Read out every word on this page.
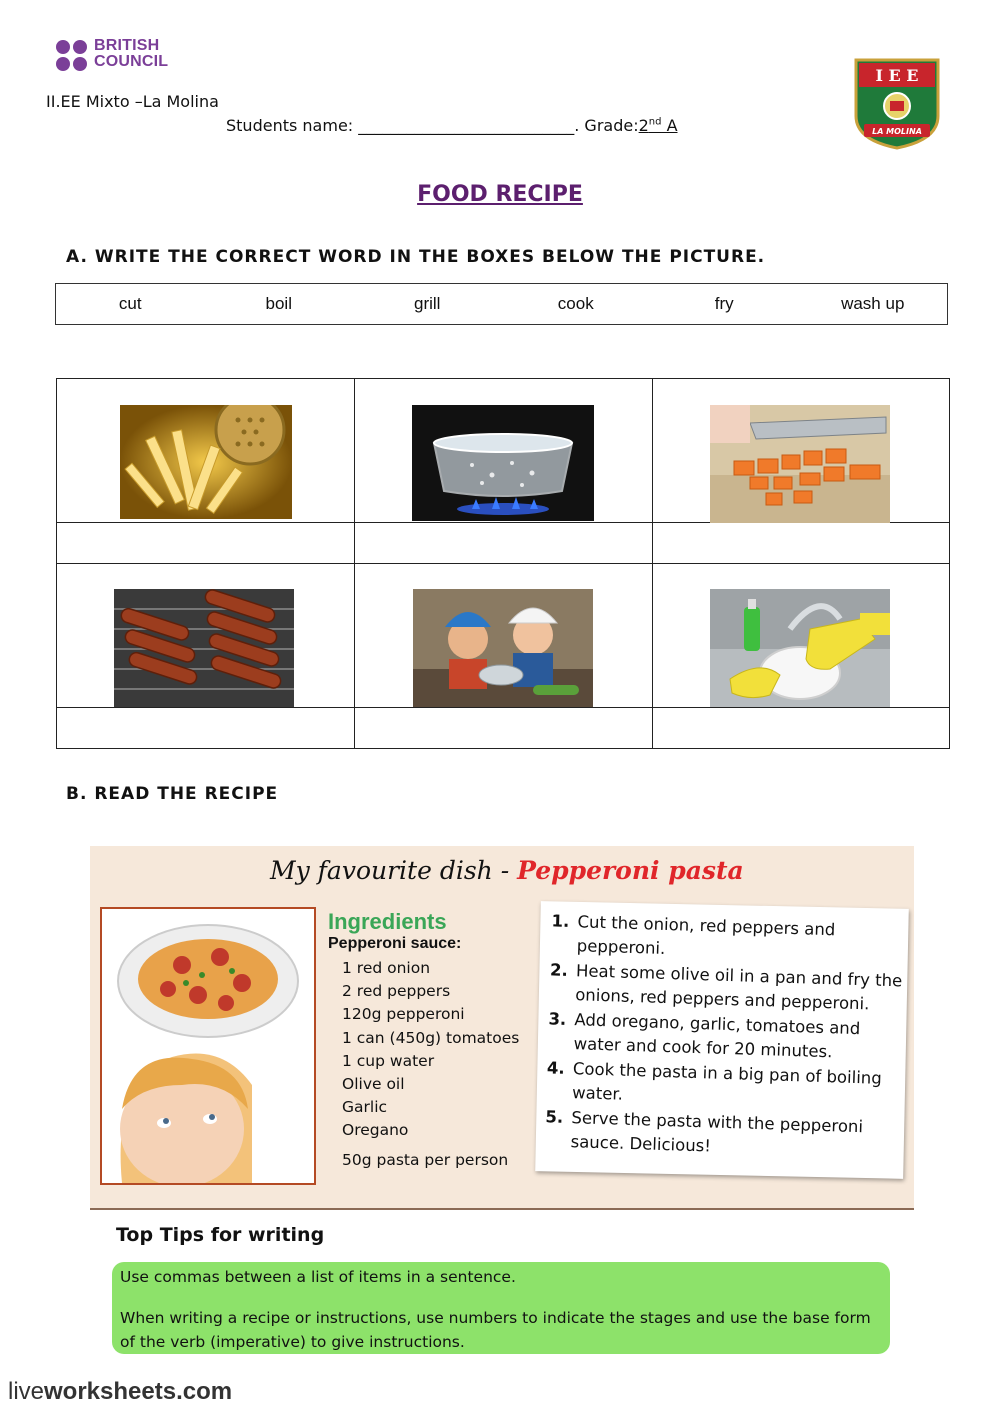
BRITISH
COUNCIL
II.EE Mixto –La Molina
Students name: ___________________________. Grade:2nd A
I E E
LA MOLINA
FOOD RECIPE
A. WRITE THE CORRECT WORD IN THE BOXES BELOW THE PICTURE.
cut	boil	grill	cook	fry	wash up
B. READ THE RECIPE
My favourite dish - Pepperoni pasta
Ingredients
Pepperoni sauce:
1 red onion
2 red peppers
120g pepperoni
1 can (450g) tomatoes
1 cup water
Olive oil
Garlic
Oregano
50g pasta per person
1. Cut the onion, red peppers and pepperoni.
2. Heat some olive oil in a pan and fry the onions, red peppers and pepperoni.
3. Add oregano, garlic, tomatoes and water and cook for 20 minutes.
4. Cook the pasta in a big pan of boiling water.
5. Serve the pasta with the pepperoni sauce. Delicious!
Top Tips for writing
Use commas between a list of items in a sentence.
When writing a recipe or instructions, use numbers to indicate the stages and use the base form of the verb (imperative) to give instructions.
liveworksheets.com
